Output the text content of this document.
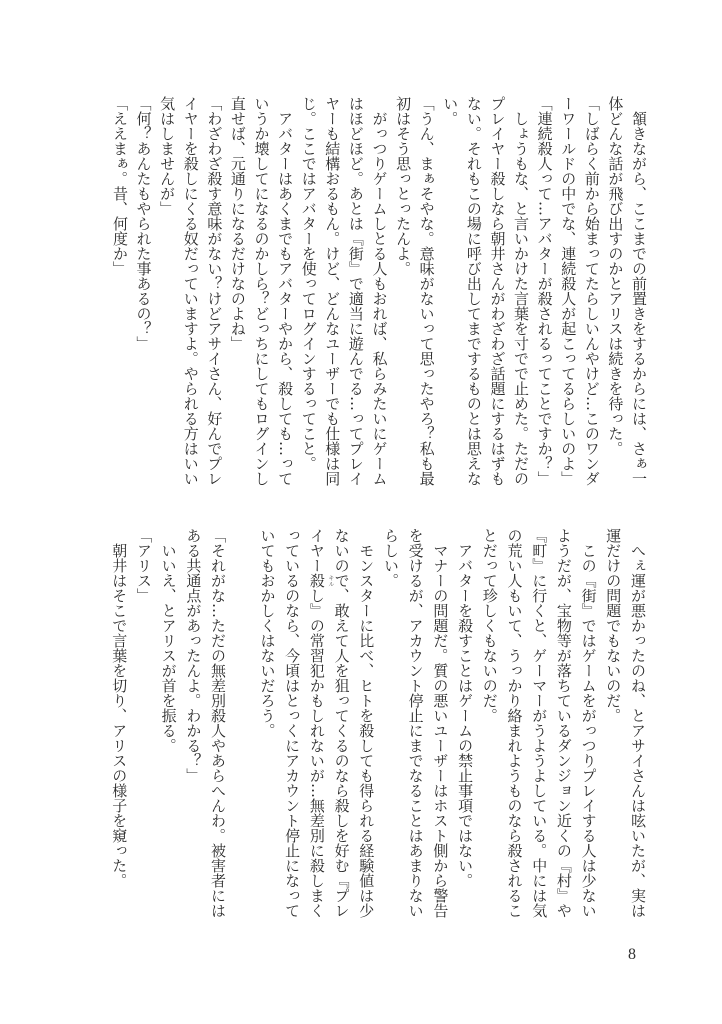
　頷きながら、ここまでの前置きをするからには、さぁ一
体どんな話が飛び出すのかとアリスは続きを待った。
「しばらく前から始まってたらしいんやけど…このワンダ
ーワールドの中でな、連続殺人が起こってるらしいのよ」
「連続殺人って…アバターが殺されるってことですか？」
　しょうもな、と言いかけた言葉を寸でで止めた。ただの
プレイヤー殺しなら朝井さんがわざわざ話題にするはずも
ない。それもこの場に呼び出してまでするものとは思えな
い。
「うん、まぁそやな。意味がないって思ったやろ？私も最
初はそう思っとったんよ。
　がっつりゲームしとる人もおれば、私らみたいにゲーム
はほどほど。あとは『街』で適当に遊んでる…ってプレイ
ヤーも結構おるもん。けど、どんなユーザーでも仕様は同
じ。ここではアバターを使ってログインするってこと。
　アバターはあくまでもアバターやから、殺しても…って
いうか壊してになるのかしら？どっちにしてもログインし
直せば、元通りになるだけなのよね」
「わざわざ殺す意味がない？けどアサイさん、好んでプレ
イヤーを殺しにくる奴だっていますよ。やられる方はいい
気はしませんが」
「何？あんたもやられた事あるの？」
「ええまぁ。昔、何度か」
　へぇ運が悪かったのね、とアサイさんは呟いたが、実は
運だけの問題でもないのだ。
　この『街』ではゲームをがっつりプレイする人は少ない
ようだが、宝物等が落ちているダンジョン近くの『村』や
『町』に行くと、ゲーマーがうようよしている。中には気
の荒い人もいて、うっかり絡まれようものなら殺されるこ
とだって珍しくもないのだ。
　アバターを殺すことはゲームの禁止事項ではない。
　マナーの問題だ。質の悪いユーザーはホスト側から警告
を受けるが、アカウント停止にまでなることはあまりない
らしい。
　モンスターに比べ、ヒトを殺しても得られる経験値は少
ないので、敢えて人を狙ってくるのなら殺しを好む『プレ
イヤー殺し キル
』の常習犯かもしれないが…無差別に殺しまく
っているのなら、今頃はとっくにアカウント停止になって
いてもおかしくはないだろう。

「それがな…ただの無差別殺人やあらへんわ。被害者には
ある共通点があったんよ。わかる？」
　いいえ、とアリスが首を振る。
「アリス」
　朝井はそこで言葉を切り、アリスの様子を窺った。
8
